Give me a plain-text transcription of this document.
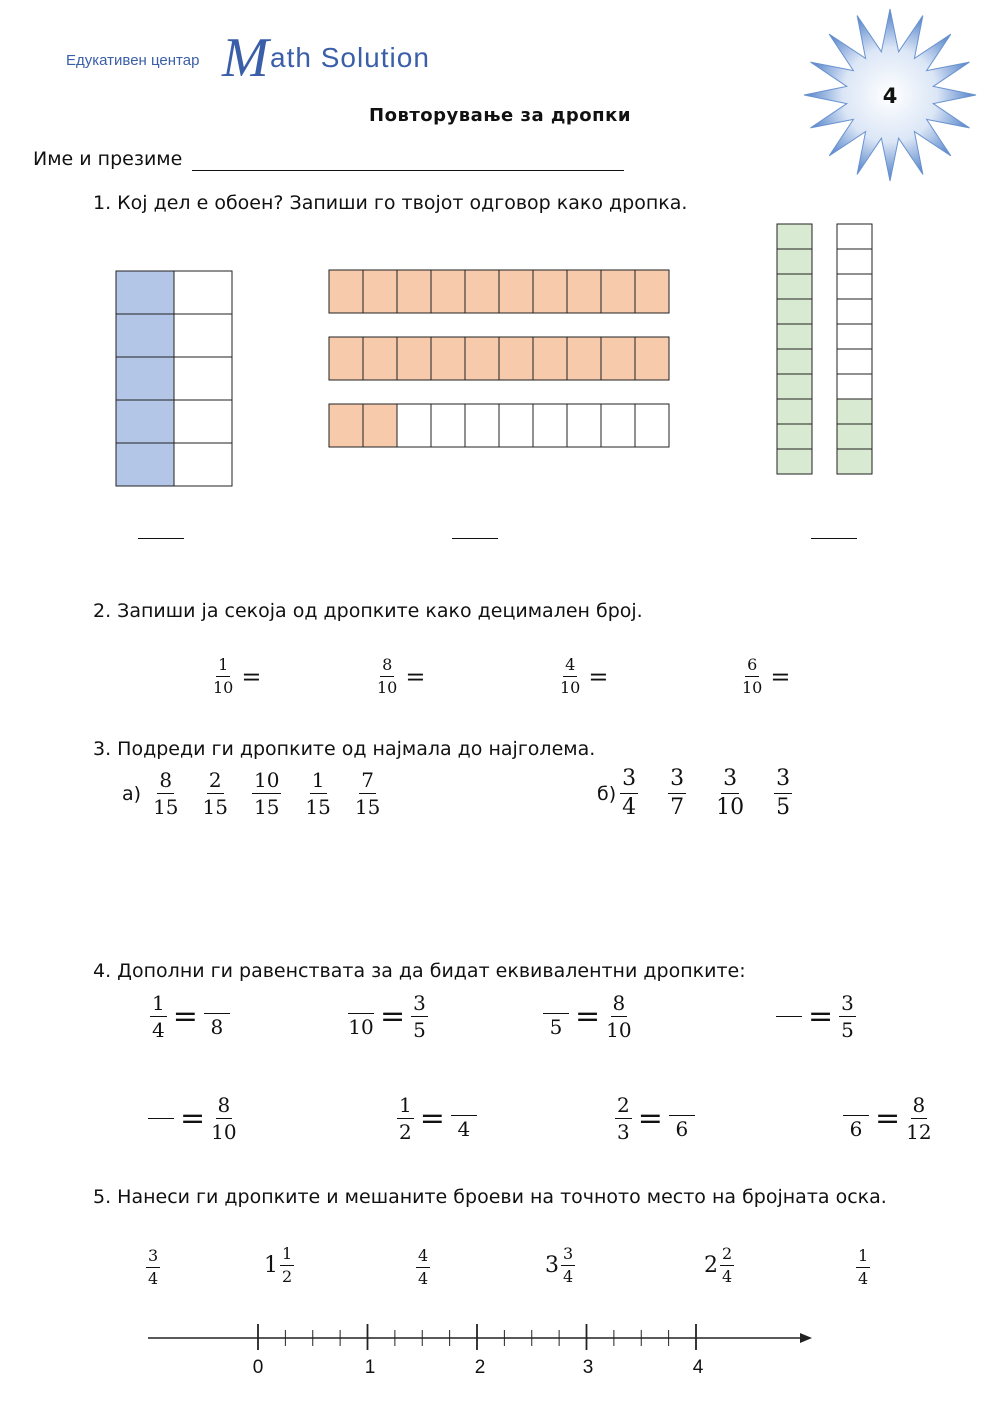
Едукативен центар M ath Solution
4
Повторување за дропки
Име и презиме
1. Кој дел е обоен? Запиши го твојот одговор како дропка.
2. Запиши ја секоја од дропките како децимален број.
$\frac{1}{10}$ =	$\frac{8}{10}$ =	$\frac{4}{10}$ =	$\frac{6}{10}$ =
3. Подреди ги дропките од најмала до најголема.
$а) \frac{8}{15} \frac{2}{15} \frac{10}{15} \frac{1}{15} \frac{7}{15}$	$б) \frac{3}{4} \frac{3}{7} \frac{3}{10} \frac{3}{5}$
4. Дополни ги равенствата за да бидат еквивалентни дропките:
$\frac{1}{4} = 8$	$10 = \frac{3}{5}$	$5 = \frac{8}{10}$	= $\frac{3}{5}$
= $\frac{8}{10}$	$\frac{1}{2} = 4$	$\frac{2}{3} = 6$	$6 = \frac{8}{12}$
5. Нанеси ги дропките и мешаните броеви на точното место на бројната оска.
$\frac{3}{4}$	$1 \frac{1}{2}$	$\frac{4}{4}$	$3 \frac{3}{4}$	$2 \frac{2}{4}$	$\frac{1}{4}$
0	1	2	3	4
